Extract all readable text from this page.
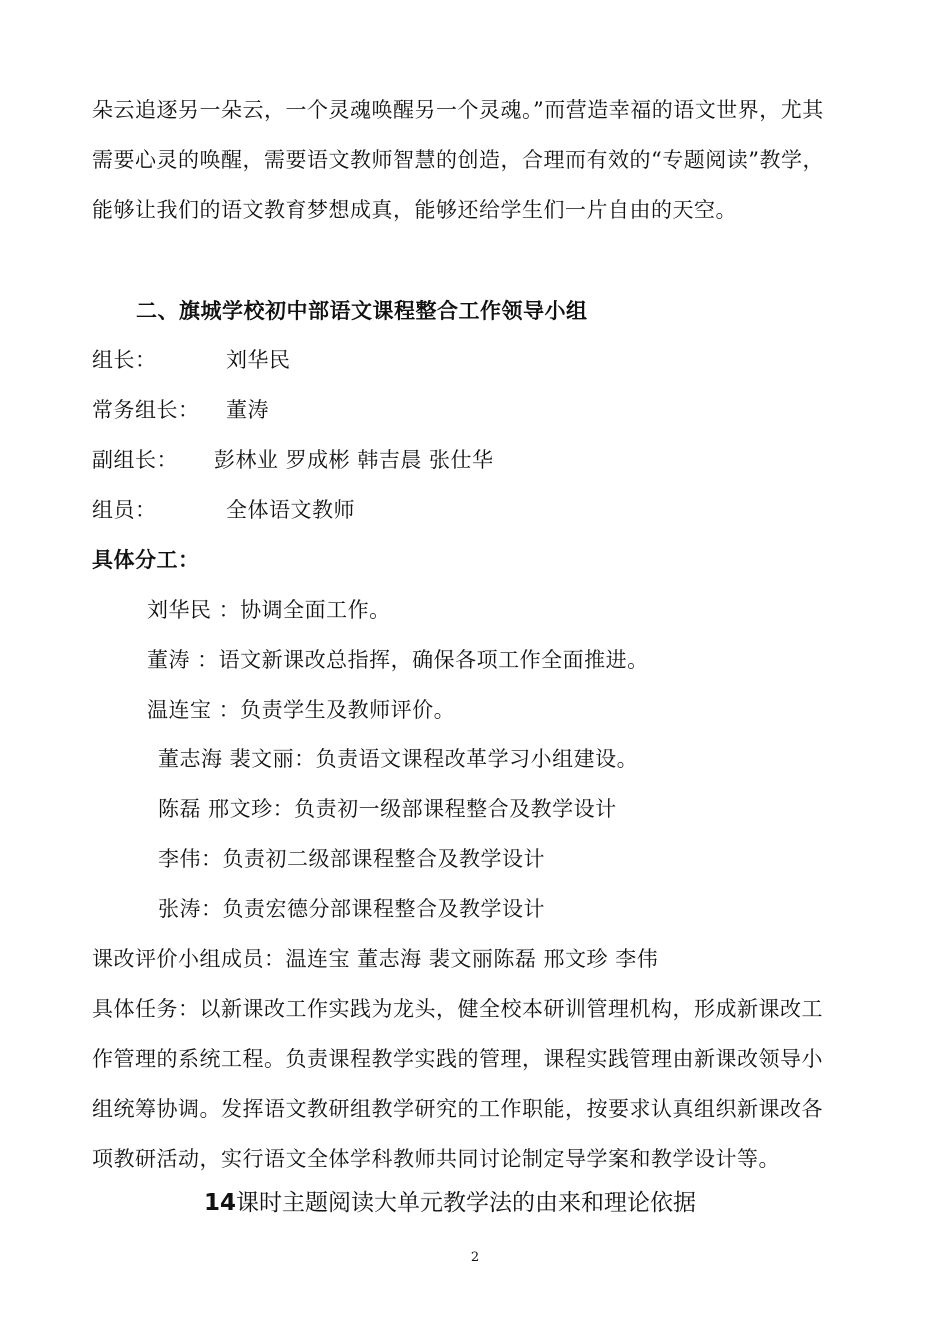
朵云追逐另一朵云，一个灵魂唤醒另一个灵魂。”而营造幸福的语文世界，尤其
需要心灵的唤醒，需要语文教师智慧的创造，合理而有效的“专题阅读”教学，
能够让我们的语文教育梦想成真，能够还给学生们一片自由的天空。
二、旗城学校初中部语文课程整合工作领导小组
组长：	刘华民
常务组长： 董涛
副组长： 彭林业 罗成彬 韩吉晨 张仕华
组员：	全体语文教师
具体分工：
刘华民 ：协调全面工作。
董涛 ：语文新课改总指挥，确保各项工作全面推进。
温连宝 ：负责学生及教师评价。
董志海 裴文丽：负责语文课程改革学习小组建设。
陈磊 邢文珍：负责初一级部课程整合及教学设计
李伟：负责初二级部课程整合及教学设计
张涛：负责宏德分部课程整合及教学设计
课改评价小组成员：温连宝 董志海 裴文丽陈磊 邢文珍 李伟
具体任务：以新课改工作实践为龙头，健全校本研训管理机构，形成新课改工
作管理的系统工程。负责课程教学实践的管理，课程实践管理由新课改领导小
组统筹协调。发挥语文教研组教学研究的工作职能，按要求认真组织新课改各
项教研活动，实行语文全体学科教师共同讨论制定导学案和教学设计等。
14课时主题阅读大单元教学法的由来和理论依据
2
